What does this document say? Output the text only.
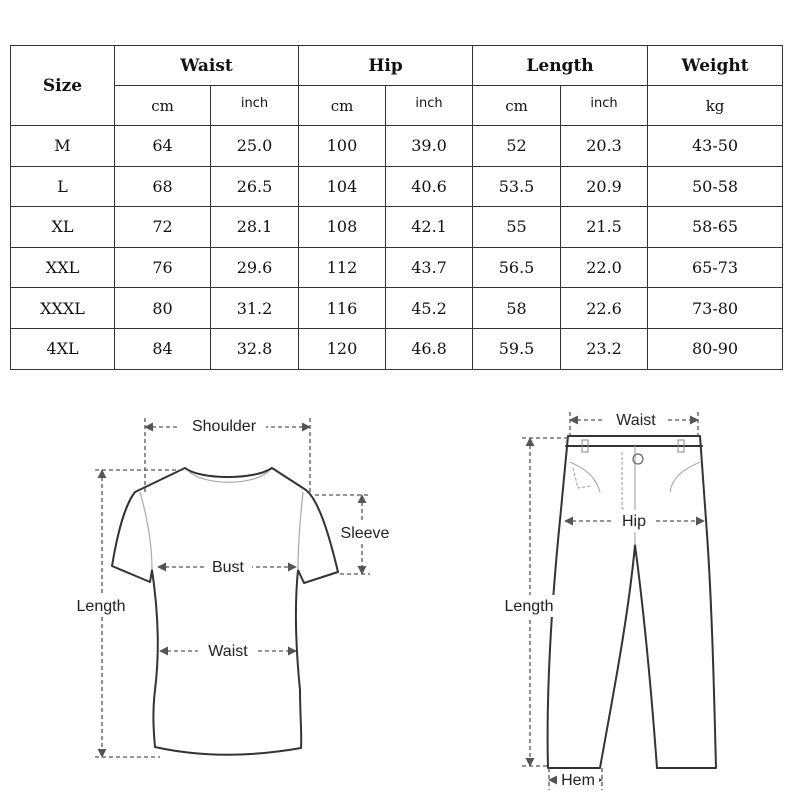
Size	Waist		Hip		Length		Weight
	cm	inch	cm	inch	cm	inch	kg
M	64	25.0	100	39.0	52	20.3	43-50
L	68	26.5	104	40.6	53.5	20.9	50-58
XL	72	28.1	108	42.1	55	21.5	58-65
XXL	76	29.6	112	43.7	56.5	22.0	65-73
XXXL	80	31.2	116	45.2	58	22.6	73-80
4XL	84	32.8	120	46.8	59.5	23.2	80-90
Shoulder
Sleeve
Bust
Waist
Length
Waist
Hip
Length
Hem
